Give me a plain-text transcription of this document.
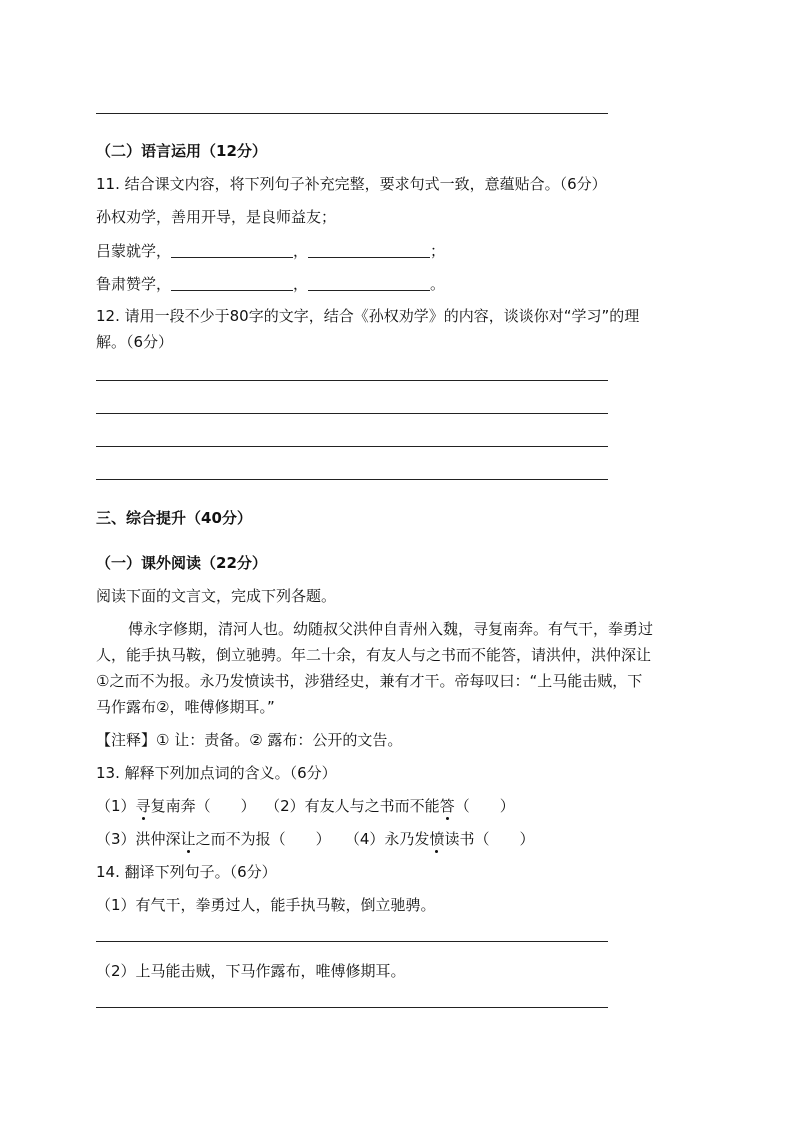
（二）语言运用（12分）
11. 结合课文内容，将下列句子补充完整，要求句式一致，意蕴贴合。（6分）
孙权劝学，善用开导，是良师益友；
吕蒙就学，	，	；
鲁肃赞学，	，	。
12. 请用一段不少于80字的文字，结合《孙权劝学》的内容，谈谈你对“学习”的理
解。（6分）
三、综合提升（40分）
（一）课外阅读（22分）
阅读下面的文言文，完成下列各题。
傅永字修期，清河人也。幼随叔父洪仲自青州入魏，寻复南奔。有气干，拳勇过
人，能手执马鞍，倒立驰骋。年二十余，有友人与之书而不能答，请洪仲，洪仲深让
①之而不为报。永乃发愤读书，涉猎经史，兼有才干。帝每叹曰：“上马能击贼，下
马作露布②，唯傅修期耳。”
【注释】① 让：责备。② 露布：公开的文告。
13. 解释下列加点词的含义。（6分）
（1）寻复南奔（　　） （2）有友人与之书而不能答（　　）
（3）洪仲深让之而不为报（　　） （4）永乃发愤读书（　　）
14. 翻译下列句子。（6分）
（1）有气干，拳勇过人，能手执马鞍，倒立驰骋。
（2）上马能击贼，下马作露布，唯傅修期耳。
